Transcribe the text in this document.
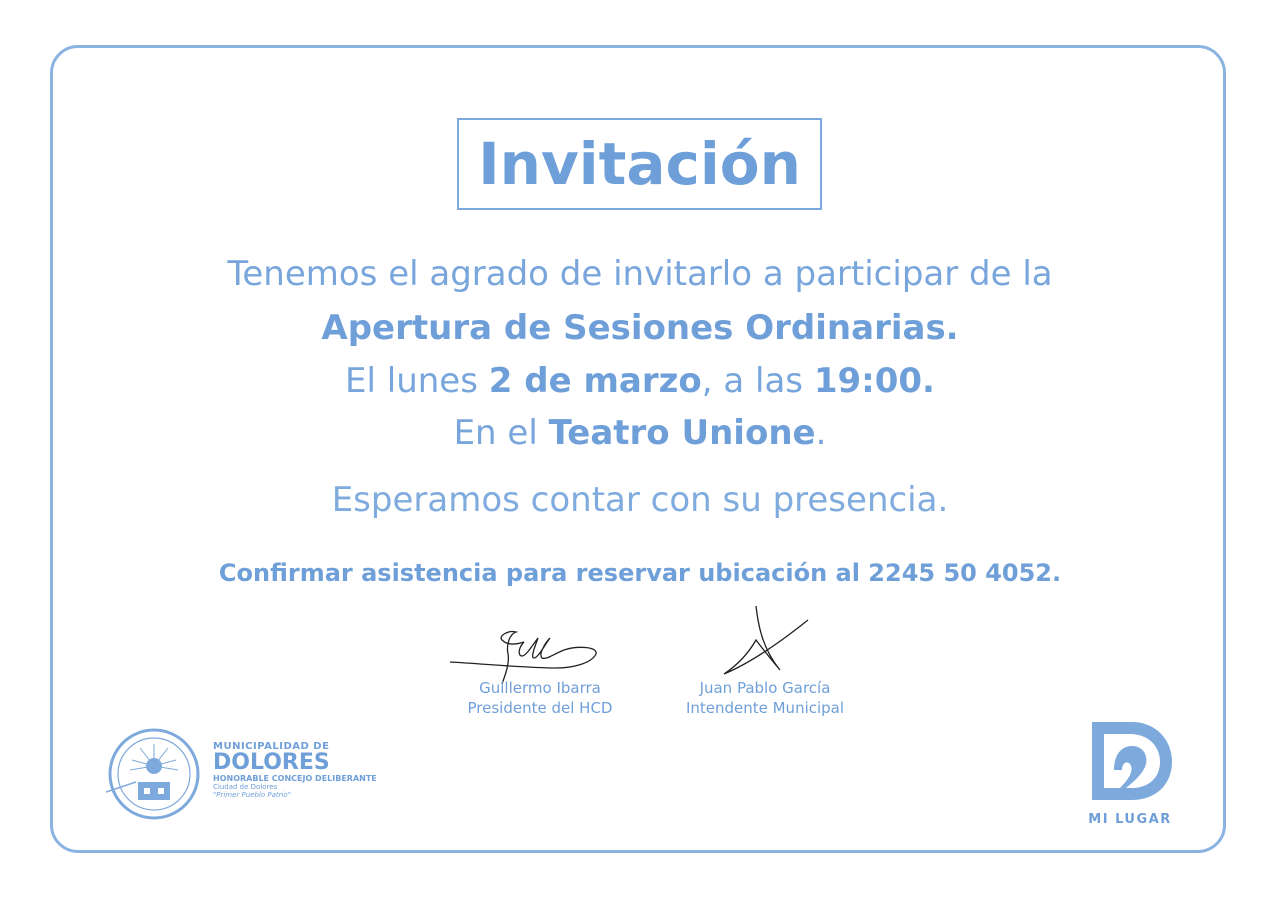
Invitación
Tenemos el agrado de invitarlo a participar de la
Apertura de Sesiones Ordinarias.
El lunes 2 de marzo, a las 19:00.
En el Teatro Unione.
Esperamos contar con su presencia.
Confirmar asistencia para reservar ubicación al 2245 50 4052.
Guillermo Ibarra
Presidente del HCD
Juan Pablo García
Intendente Municipal
MUNICIPALIDAD DE
DOLORES
HONORABLE CONCEJO DELIBERANTE
Ciudad de Dolores
"Primer Pueblo Patrio"
MI LUGAR
